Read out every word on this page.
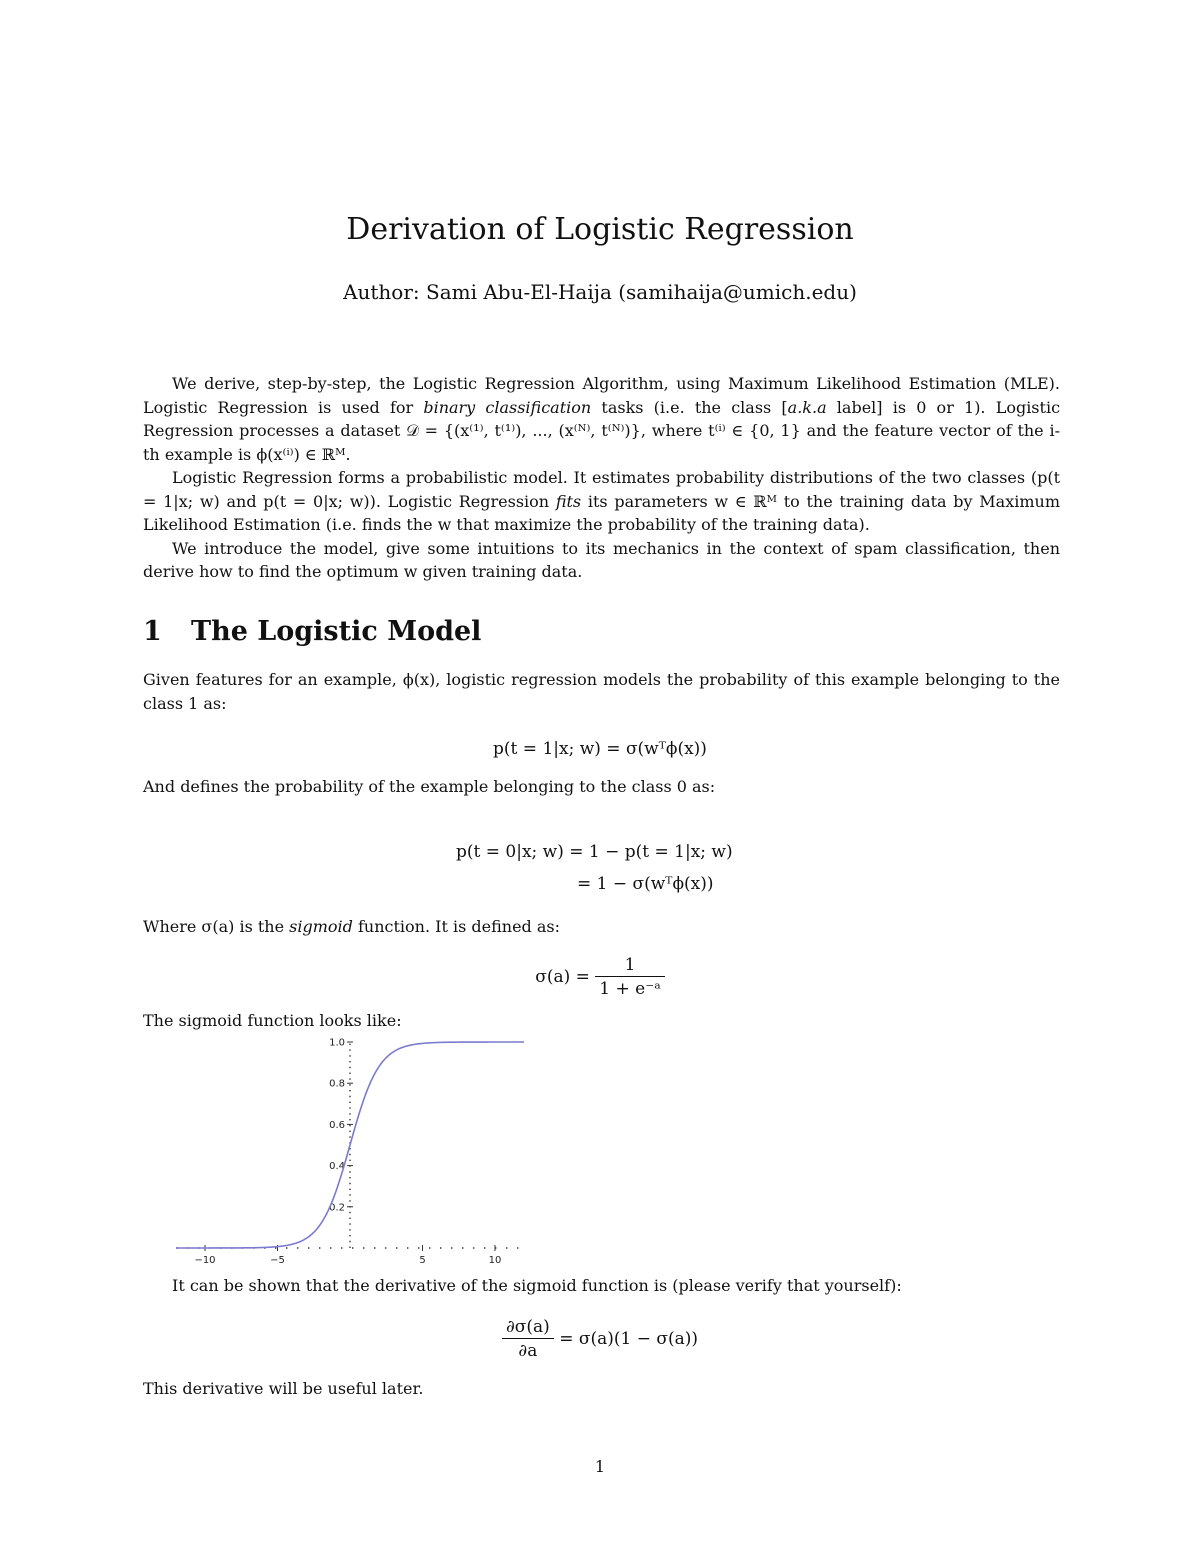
Derivation of Logistic Regression
Author: Sami Abu-El-Haija (samihaija@umich.edu)

We derive, step-by-step, the Logistic Regression Algorithm, using Maximum Likelihood Estimation (MLE). Logistic Regression is used for binary classification tasks (i.e. the class [a.k.a label] is 0 or 1). Logistic Regression processes a dataset 𝒟 = {(x⁽¹⁾, t⁽¹⁾), ..., (x⁽ᴺ⁾, t⁽ᴺ⁾)}, where t⁽ⁱ⁾ ∈ {0, 1} and the feature vector of the i-th example is ϕ(x⁽ⁱ⁾) ∈ ℝᴹ.

Logistic Regression forms a probabilistic model. It estimates probability distributions of the two classes (p(t = 1|x; w) and p(t = 0|x; w)). Logistic Regression fits its parameters w ∈ ℝᴹ to the training data by Maximum Likelihood Estimation (i.e. finds the w that maximize the probability of the training data).

We introduce the model, give some intuitions to its mechanics in the context of spam classification, then derive how to find the optimum w given training data.

1 The Logistic Model

Given features for an example, ϕ(x), logistic regression models the probability of this example belonging to the class 1 as:

p(t = 1|x; w) = σ(wᵀϕ(x))

And defines the probability of the example belonging to the class 0 as:

p(t = 0|x; w) = 1 − p(t = 1|x; w)
= 1 − σ(wᵀϕ(x))

Where σ(a) is the sigmoid function. It is defined as:

$\sigma(a) = \frac{1}{\text{1 + e⁻ᵃ}}$

The sigmoid function looks like:

−10	−5	5	10
0.2
0.4
0.6
0.8
1.0

It can be shown that the derivative of the sigmoid function is (please verify that yourself):

$\frac{\partial\sigma(a)}{\partial a} = \sigma(a)(1 - \sigma(a))$

This derivative will be useful later.

1
